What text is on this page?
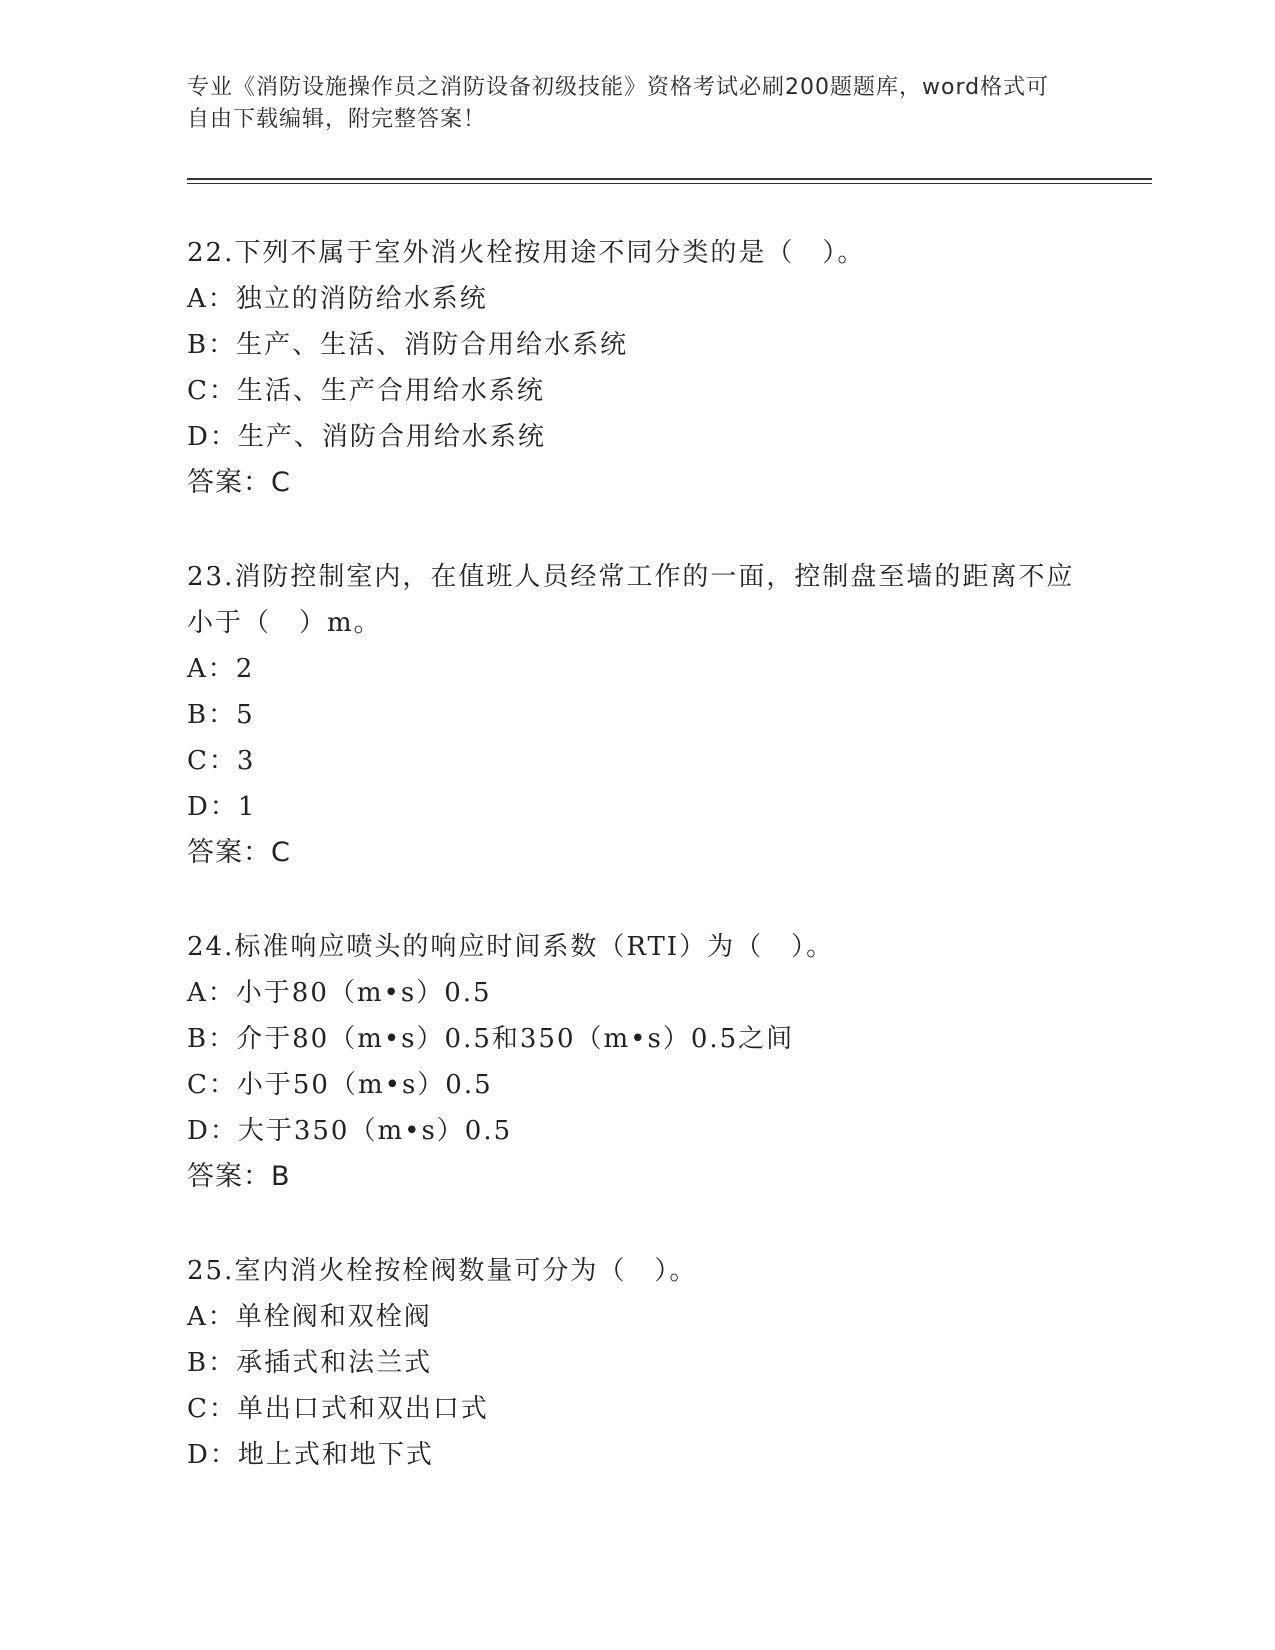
专业《消防设施操作员之消防设备初级技能》资格考试必刷200题题库，word格式可自由下载编辑，附完整答案！
22.下列不属于室外消火栓按用途不同分类的是（　）。
A：独立的消防给水系统
B：生产、生活、消防合用给水系统
C：生活、生产合用给水系统
D：生产、消防合用给水系统
答案：C
23.消防控制室内，在值班人员经常工作的一面，控制盘至墙的距离不应小于（　）m。
A：2
B：5
C：3
D：1
答案：C
24.标准响应喷头的响应时间系数（RTI）为（　）。
A：小于80（m•s）0.5
B：介于80（m•s）0.5和350（m•s）0.5之间
C：小于50（m•s）0.5
D：大于350（m•s）0.5
答案：B
25.室内消火栓按栓阀数量可分为（　）。
A：单栓阀和双栓阀
B：承插式和法兰式
C：单出口式和双出口式
D：地上式和地下式
